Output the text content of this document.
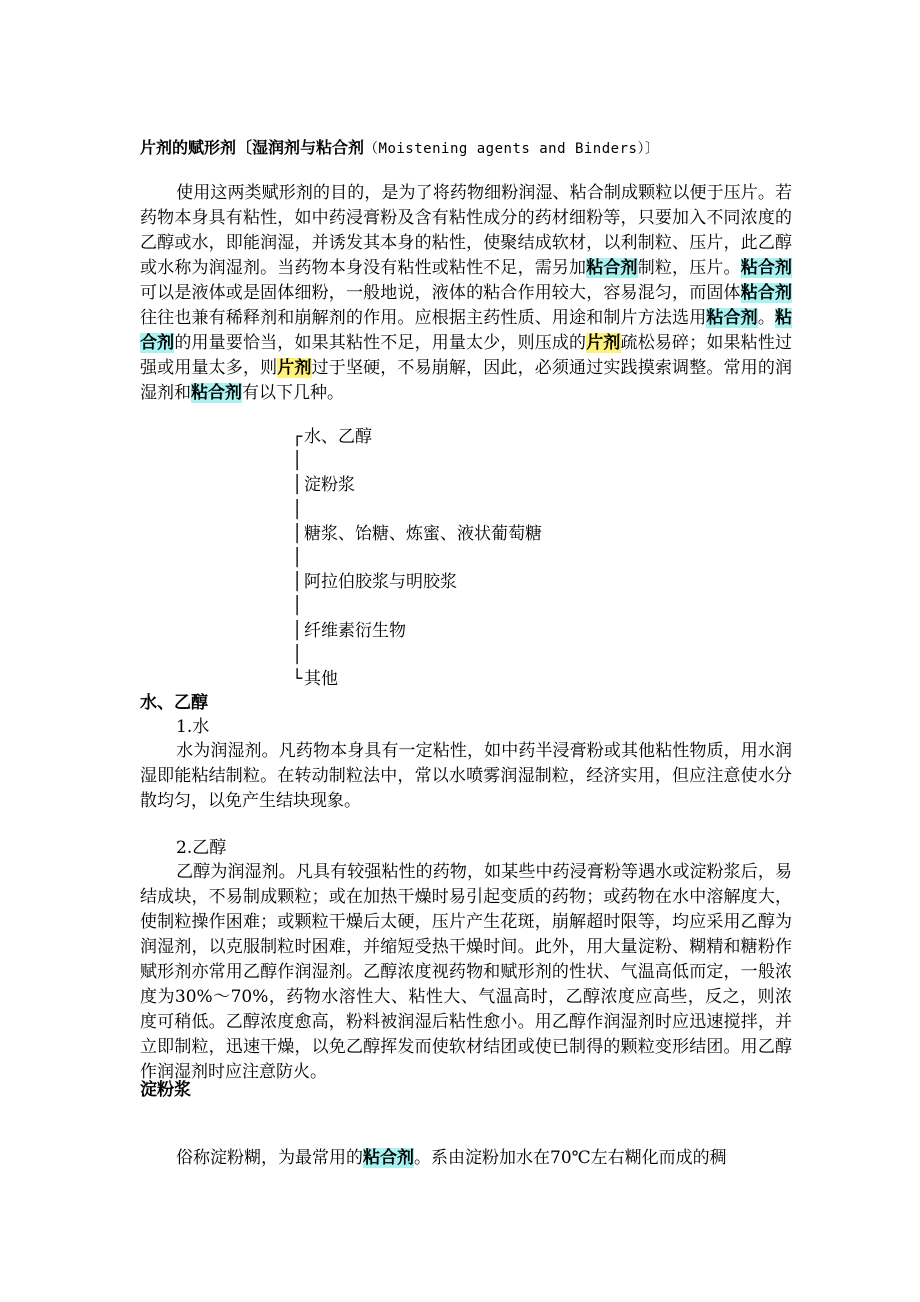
片剂的赋形剂〔湿润剂与粘合剂（Moistening agents and Binders）〕
使用这两类赋形剂的目的，是为了将药物细粉润湿、粘合制成颗粒以便于压片。若药物本身具有粘性，如中药浸膏粉及含有粘性成分的药材细粉等，只要加入不同浓度的乙醇或水，即能润湿，并诱发其本身的粘性，使聚结成软材，以利制粒、压片，此乙醇或水称为润湿剂。当药物本身没有粘性或粘性不足，需另加粘合剂制粒，压片。粘合剂可以是液体或是固体细粉，一般地说，液体的粘合作用较大，容易混匀，而固体粘合剂往往也兼有稀释剂和崩解剂的作用。应根据主药性质、用途和制片方法选用粘合剂。粘合剂的用量要恰当，如果其粘性不足，用量太少，则压成的片剂疏松易碎；如果粘性过强或用量太多，则片剂过于坚硬，不易崩解，因此，必须通过实践摸索调整。常用的润湿剂和粘合剂有以下几种。
┌ 水、乙醇
│
│ 淀粉浆
│
│ 糖浆、饴糖、炼蜜、液状葡萄糖
│
│ 阿拉伯胶浆与明胶浆
│
│ 纤维素衍生物
│
└ 其他
水、乙醇
1.水
水为润湿剂。凡药物本身具有一定粘性，如中药半浸膏粉或其他粘性物质，用水润湿即能粘结制粒。在转动制粒法中，常以水喷雾润湿制粒，经济实用，但应注意使水分散均匀，以免产生结块现象。
2.乙醇
乙醇为润湿剂。凡具有较强粘性的药物，如某些中药浸膏粉等遇水或淀粉浆后，易结成块，不易制成颗粒；或在加热干燥时易引起变质的药物；或药物在水中溶解度大，使制粒操作困难；或颗粒干燥后太硬，压片产生花斑，崩解超时限等，均应采用乙醇为润湿剂，以克服制粒时困难，并缩短受热干燥时间。此外，用大量淀粉、糊精和糖粉作赋形剂亦常用乙醇作润湿剂。乙醇浓度视药物和赋形剂的性状、气温高低而定，一般浓度为30%～70%，药物水溶性大、粘性大、气温高时，乙醇浓度应高些，反之，则浓度可稍低。乙醇浓度愈高，粉料被润湿后粘性愈小。用乙醇作润湿剂时应迅速搅拌，并立即制粒，迅速干燥，以免乙醇挥发而使软材结团或使已制得的颗粒变形结团。用乙醇作润湿剂时应注意防火。
淀粉浆
俗称淀粉糊，为最常用的粘合剂。系由淀粉加水在70℃左右糊化而成的稠
